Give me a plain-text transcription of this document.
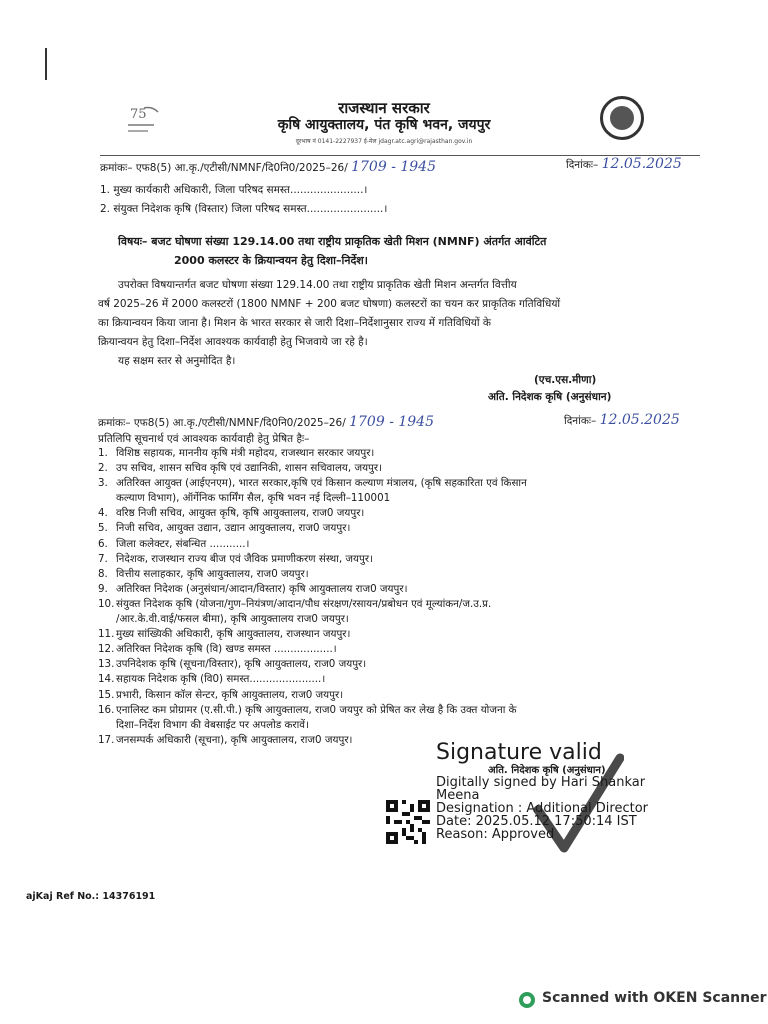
75	राजस्थान सरकार
कृषि आयुक्तालय, पंत कृषि भवन, जयपुर
दूरभाष नं 0141-2227937 ई-मेल jdagr.atc.agri@rajasthan.gov.in
क्रमांकः– एफ8(5) आ.कृ./एटीसी/NMNF/दि0नि0/2025–26/ 1709 - 1945	दिनांकः– 12.05.2025
1. मुख्य कार्यकारी अधिकारी, जिला परिषद समस्त......................।
2. संयुक्त निदेशक कृषि (विस्तार) जिला परिषद समस्त.......................।
विषयः– बजट घोषणा संख्या 129.14.00 तथा राष्ट्रीय प्राकृतिक खेती मिशन (NMNF) अंतर्गत आवंटित
2000 कलस्टर के क्रियान्वयन हेतु दिशा–निर्देश।
उपरोक्त विषयान्तर्गत बजट घोषणा संख्या 129.14.00 तथा राष्ट्रीय प्राकृतिक खेती मिशन अन्तर्गत वित्तीय
वर्ष 2025–26 में 2000 कलस्टरों (1800 NMNF + 200 बजट घोषणा) कलस्टरों का चयन कर प्राकृतिक गतिविधियों
का क्रियान्वयन किया जाना है। मिशन के भारत सरकार से जारी दिशा–निर्देशानुसार राज्य में गतिविधियों के
क्रियान्वयन हेतु दिशा–निर्देश आवश्यक कार्यवाही हेतु भिजवाये जा रहे है।
यह सक्षम स्तर से अनुमोदित है।
(एच.एस.मीणा)
अति. निदेशक कृषि (अनुसंधान)
क्रमांकः– एफ8(5) आ.कृ./एटीसी/NMNF/दि0नि0/2025–26/ 1709 - 1945	दिनांकः– 12.05.2025
प्रतिलिपि सूचनार्थ एवं आवश्यक कार्यवाही हेतु प्रेषित हैः–
1. विशिष्ठ सहायक, माननीय कृषि मंत्री महोदय, राजस्थान सरकार जयपुर।
2. उप सचिव, शासन सचिव कृषि एवं उद्यानिकी, शासन सचिवालय, जयपुर।
3. अतिरिक्त आयुक्त (आईएनएम), भारत सरकार,कृषि एवं किसान कल्याण मंत्रालय, (कृषि सहकारिता एवं किसान
कल्याण विभाग), ऑर्गेनिक फार्मिंग सैल, कृषि भवन नई दिल्ली–110001
4. वरिष्ठ निजी सचिव, आयुक्त कृषि, कृषि आयुक्तालय, राज0 जयपुर।
5. निजी सचिव, आयुक्त उद्यान, उद्यान आयुक्तालय, राज0 जयपुर।
6. जिला कलेक्टर, संबन्धित ...........।
7. निदेशक, राजस्थान राज्य बीज एवं जैविक प्रमाणीकरण संस्था, जयपुर।
8. वित्तीय सलाहकार, कृषि आयुक्तालय, राज0 जयपुर।
9. अतिरिक्त निदेशक (अनुसंधान/आदान/विस्तार) कृषि आयुक्तालय राज0 जयपुर।
10. संयुक्त निदेशक कृषि (योजना/गुण–नियंत्रण/आदान/पौध संरक्षण/रसायन/प्रबोधन एवं मूल्यांकन/ज.उ.प्र.
/आर.के.वी.वाई/फसल बीमा), कृषि आयुक्तालय राज0 जयपुर।
11. मुख्य सांख्यिकी अधिकारी, कृषि आयुक्तालय, राजस्थान जयपुर।
12. अतिरिक्त निदेशक कृषि (वि) खण्ड समस्त ..................।
13. उपनिदेशक कृषि (सूचना/विस्तार), कृषि आयुक्तालय, राज0 जयपुर।
14. सहायक निदेशक कृषि (वि0) समस्त......................।
15. प्रभारी, किसान कॉल सेन्टर, कृषि आयुक्तालय, राज0 जयपुर।
16. एनालिस्ट कम प्रोग्रामर (ए.सी.पी.) कृषि आयुक्तालय, राज0 जयपुर को प्रेषित कर लेख है कि उक्त योजना के
दिशा–निर्देश विभाग की वेबसाईट पर अपलोड करावें।
17. जनसम्पर्क अधिकारी (सूचना), कृषि आयुक्तालय, राज0 जयपुर।
Signature valid
अति. निदेशक कृषि (अनुसंधान)
Digitally signed by Hari Shankar
Meena
Designation : Additional Director
Date: 2025.05.12 17:50:14 IST
Reason: Approved
ajKaj Ref No.: 14376191
Scanned with OKEN Scanner
